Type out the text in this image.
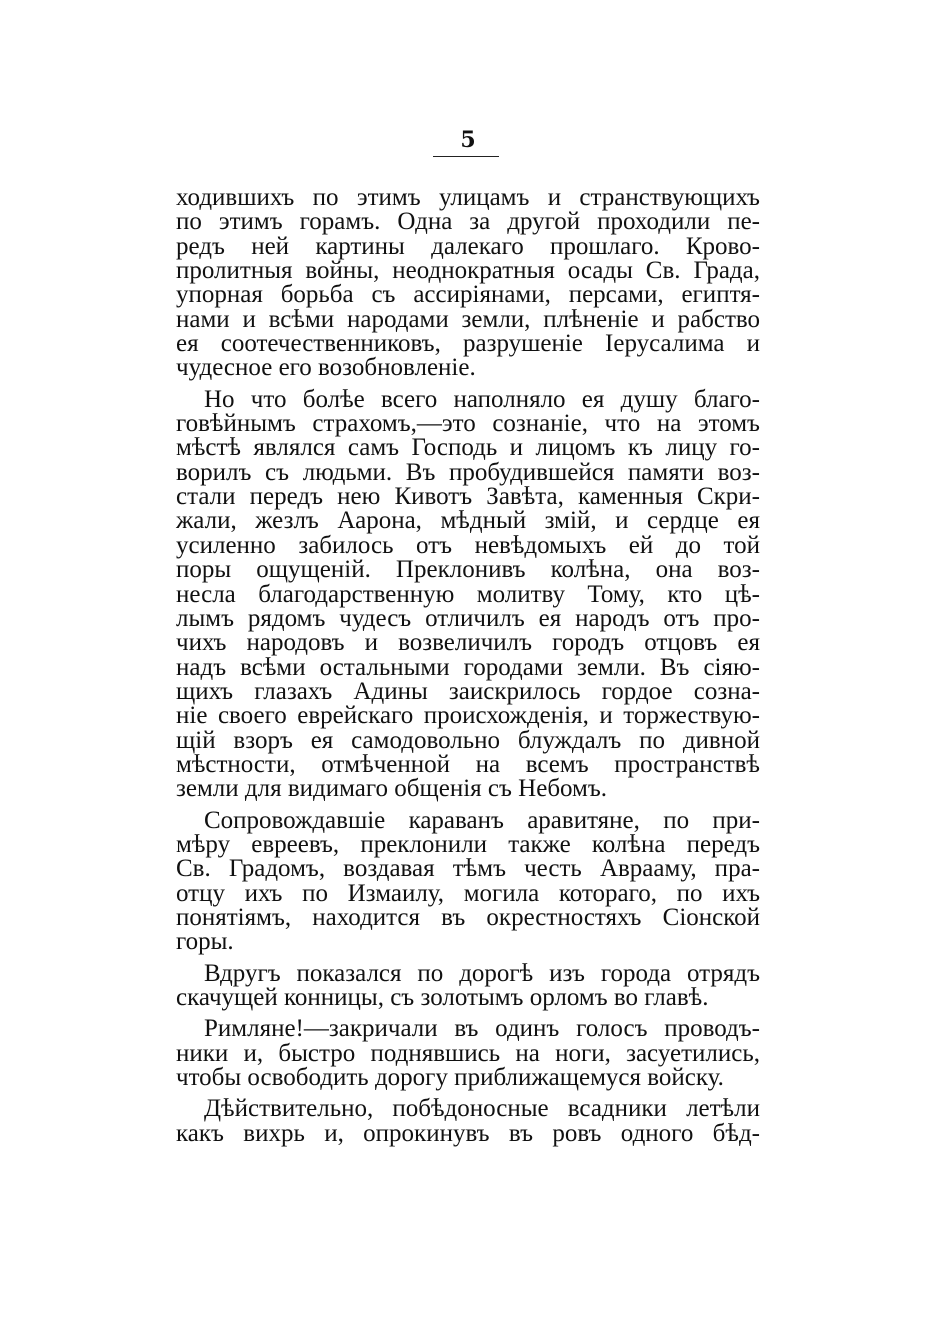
5
ходившихъ по этимъ улицамъ и странствующихъ
по этимъ горамъ. Одна за другой проходили пе-
редъ ней картины далекаго прошлаго. Крово-
пролитныя войны, неоднократныя осады Св. Града,
упорная борьба съ ассиріянами, персами, египтя-
нами и всѣми народами земли, плѣненіе и рабство
ея соотечественниковъ, разрушеніе Іерусалима и
чудесное его возобновленіе.
Но что болѣе всего наполняло ея душу благо-
говѣйнымъ страхомъ,—это сознаніе, что на этомъ
мѣстѣ являлся самъ Господь и лицомъ къ лицу го-
ворилъ съ людьми. Въ пробудившейся памяти воз-
стали передъ нею Кивотъ Завѣта, каменныя Скри-
жали, жезлъ Аарона, мѣдный змій, и сердце ея
усиленно забилось отъ невѣдомыхъ ей до той
поры ощущеній. Преклонивъ колѣна, она воз-
несла благодарственную молитву Тому, кто цѣ-
лымъ рядомъ чудесъ отличилъ ея народъ отъ про-
чихъ народовъ и возвеличилъ городъ отцовъ ея
надъ всѣми остальными городами земли. Въ сіяю-
щихъ глазахъ Адины заискрилось гордое созна-
ніе своего еврейскаго происхожденія, и торжествую-
щій взоръ ея самодовольно блуждалъ по дивной
мѣстности, отмѣченной на всемъ пространствѣ
земли для видимаго общенія съ Небомъ.
Сопровождавшіе караванъ аравитяне, по при-
мѣру евреевъ, преклонили также колѣна передъ
Св. Градомъ, воздавая тѣмъ честь Аврааму, пра-
отцу ихъ по Измаилу, могила котораго, по ихъ
понятіямъ, находится въ окрестностяхъ Сіонской
горы.
Вдругъ показался по дорогѣ изъ города отрядъ
скачущей конницы, съ золотымъ орломъ во главѣ.
Римляне!—закричали въ одинъ голосъ проводъ-
ники и, быстро поднявшись на ноги, засуетились,
чтобы освободить дорогу приближащемуся войску.
Дѣйствительно, побѣдоносные всадники летѣли
какъ вихрь и, опрокинувъ въ ровъ одного бѣд-
